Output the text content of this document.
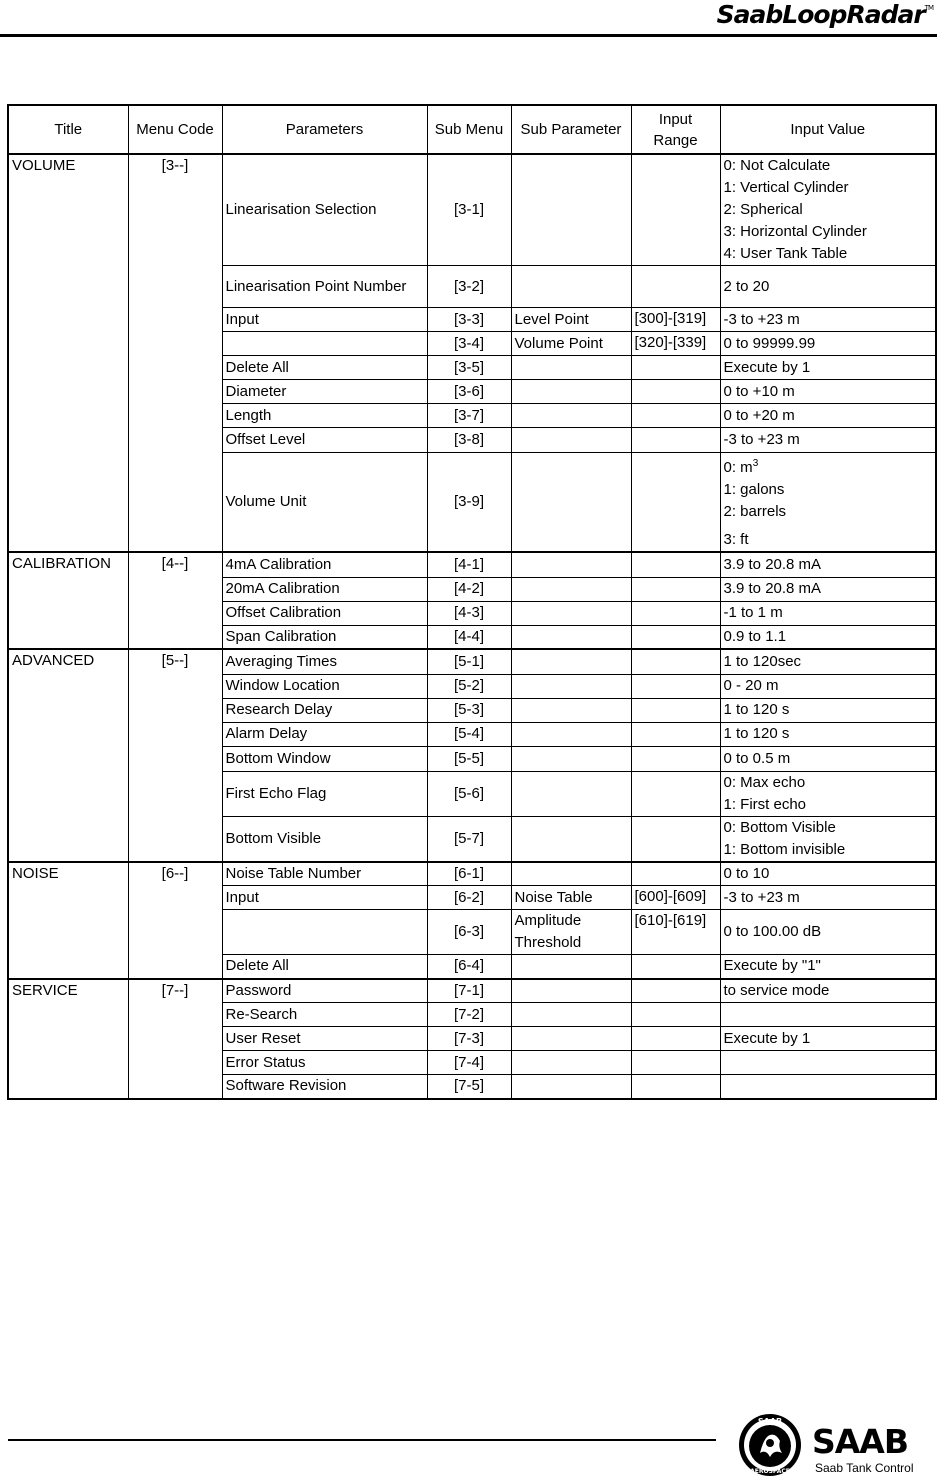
SaabLoopRadar™
Title	Menu Code	Parameters	Sub Menu	Sub Parameter	Input Range	Input Value
VOLUME	[3--]	Linearisation Selection	[3-1]			0: Not Calculate
1: Vertical Cylinder
2: Spherical
3: Horizontal Cylinder
4: User Tank Table

		Linearisation Point Number	[3-2]			2 to 20

		Input	[3-3]	Level Point	[300]-[319]	-3 to +23 m

			[3-4]	Volume Point	[320]-[339]	0 to 99999.99

		Delete All	[3-5]			Execute by 1

		Diameter	[3-6]			0 to +10 m

		Length	[3-7]			0 to +20 m

		Offset Level	[3-8]			-3 to +23 m

		Volume Unit	[3-9]			0: $m^3$
1: galons
2: barrels
3: ft

CALIBRATION	[4--]	4mA Calibration	[4-1]			3.9 to 20.8 mA

		20mA Calibration	[4-2]			3.9 to 20.8 mA

		Offset Calibration	[4-3]			-1 to 1 m

		Span Calibration	[4-4]			0.9 to 1.1

ADVANCED	[5--]	Averaging Times	[5-1]			1 to 120sec

		Window Location	[5-2]			0 - 20 m

		Research Delay	[5-3]			1 to 120 s

		Alarm Delay	[5-4]			1 to 120 s

		Bottom Window	[5-5]			0 to 0.5 m

		First Echo Flag	[5-6]			0: Max echo
1: First echo

		Bottom Visible	[5-7]			0: Bottom Visible
1: Bottom invisible

NOISE	[6--]	Noise Table Number	[6-1]			0 to 10

		Input	[6-2]	Noise Table	[600]-[609]	-3 to +23 m

			[6-3]	Amplitude Threshold	[610]-[619]	0 to 100.00 dB

		Delete All	[6-4]			Execute by "1"

SERVICE	[7--]	Password	[7-1]			to service mode

		Re-Search	[7-2]			

		User Reset	[7-3]			Execute by 1

		Error Status	[7-4]			

		Software Revision	[7-5]			
SAAB
AEROSPACE
SAAB
Saab Tank Control
